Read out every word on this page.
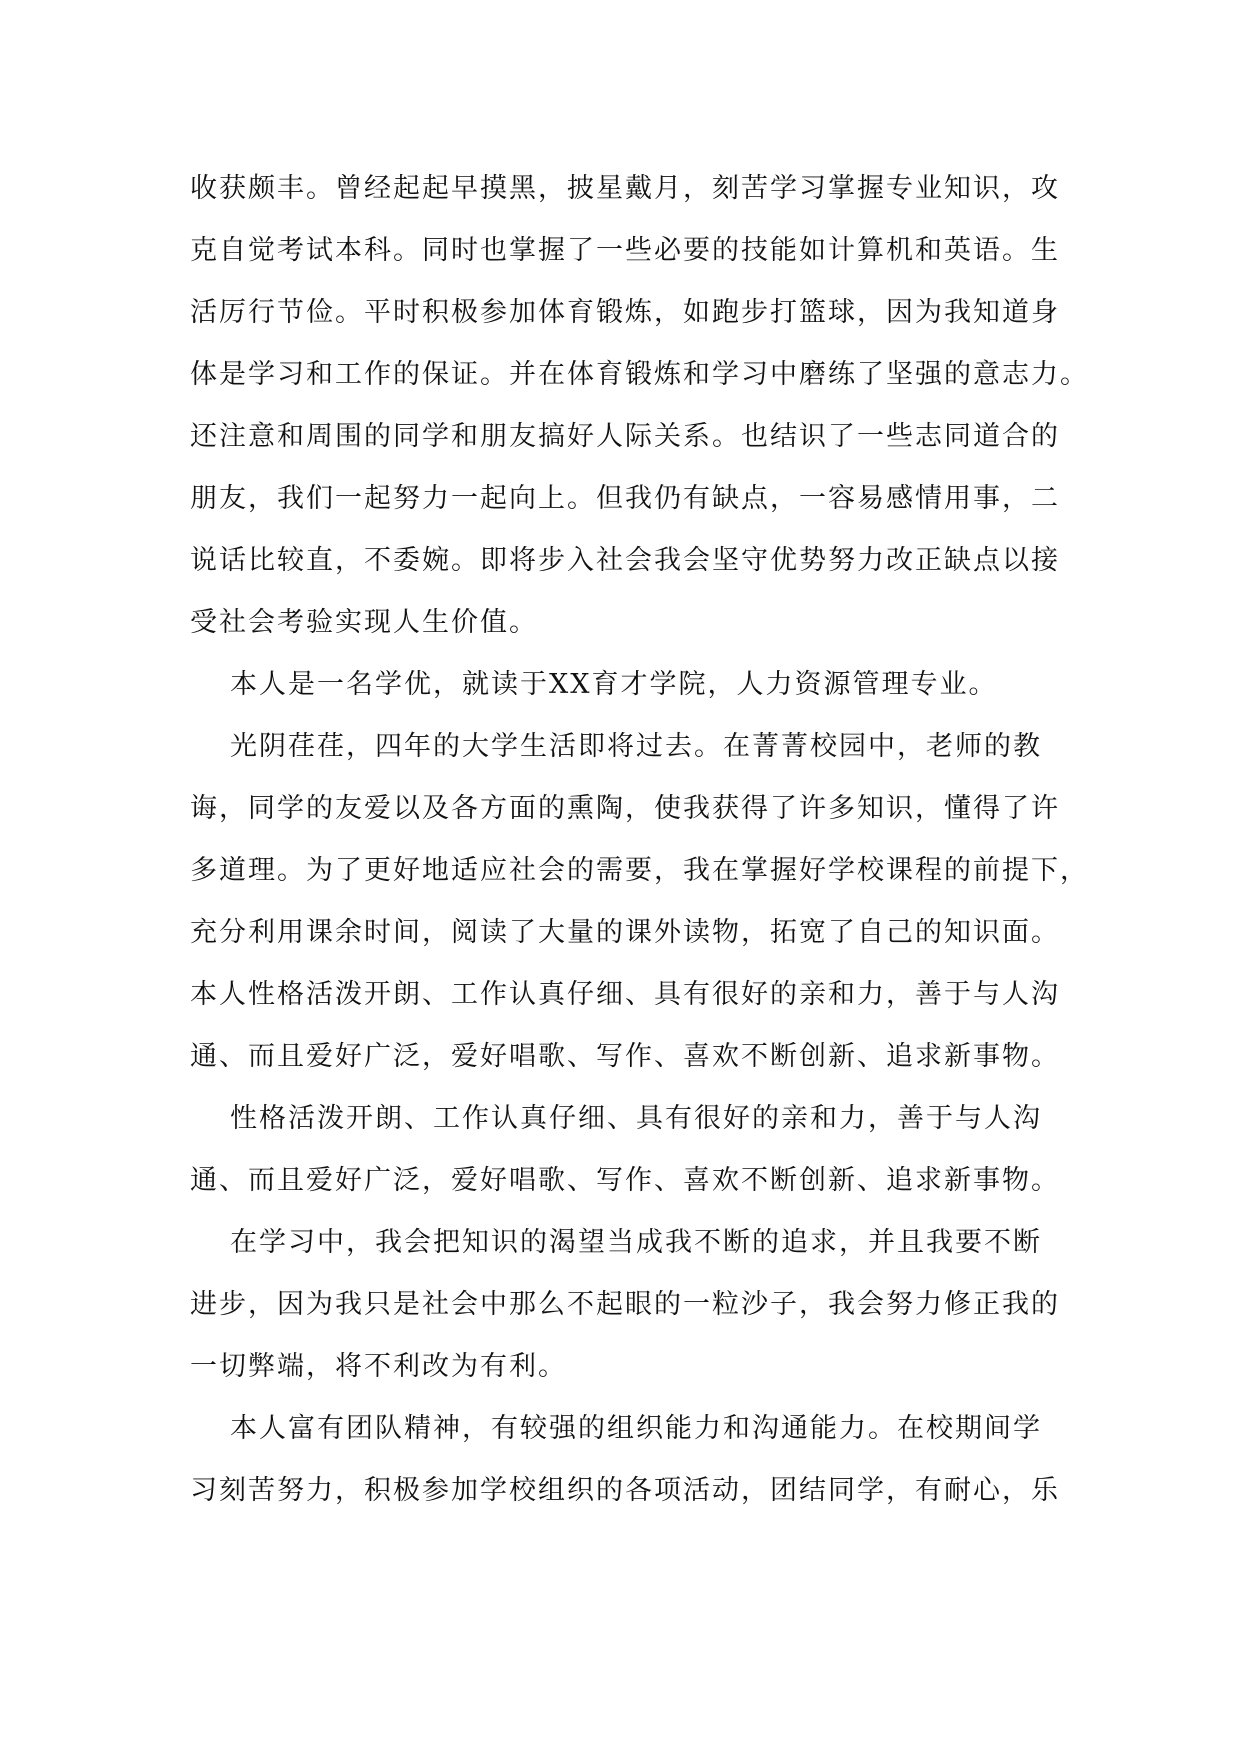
收获颇丰。曾经起起早摸黑，披星戴月，刻苦学习掌握专业知识，攻
克自觉考试本科。同时也掌握了一些必要的技能如计算机和英语。生
活厉行节俭。平时积极参加体育锻炼，如跑步打篮球，因为我知道身
体是学习和工作的保证。并在体育锻炼和学习中磨练了坚强的意志力。
还注意和周围的同学和朋友搞好人际关系。也结识了一些志同道合的
朋友，我们一起努力一起向上。但我仍有缺点，一容易感情用事，二
说话比较直，不委婉。即将步入社会我会坚守优势努力改正缺点以接
受社会考验实现人生价值。
本人是一名学优，就读于XX育才学院，人力资源管理专业。
光阴荏荏，四年的大学生活即将过去。在菁菁校园中，老师的教
诲，同学的友爱以及各方面的熏陶，使我获得了许多知识，懂得了许
多道理。为了更好地适应社会的需要，我在掌握好学校课程的前提下，
充分利用课余时间，阅读了大量的课外读物，拓宽了自己的知识面。
本人性格活泼开朗、工作认真仔细、具有很好的亲和力，善于与人沟
通、而且爱好广泛，爱好唱歌、写作、喜欢不断创新、追求新事物。
性格活泼开朗、工作认真仔细、具有很好的亲和力，善于与人沟
通、而且爱好广泛，爱好唱歌、写作、喜欢不断创新、追求新事物。
在学习中，我会把知识的渴望当成我不断的追求，并且我要不断
进步，因为我只是社会中那么不起眼的一粒沙子，我会努力修正我的
一切弊端，将不利改为有利。
本人富有团队精神，有较强的组织能力和沟通能力。在校期间学
习刻苦努力，积极参加学校组织的各项活动，团结同学，有耐心，乐
